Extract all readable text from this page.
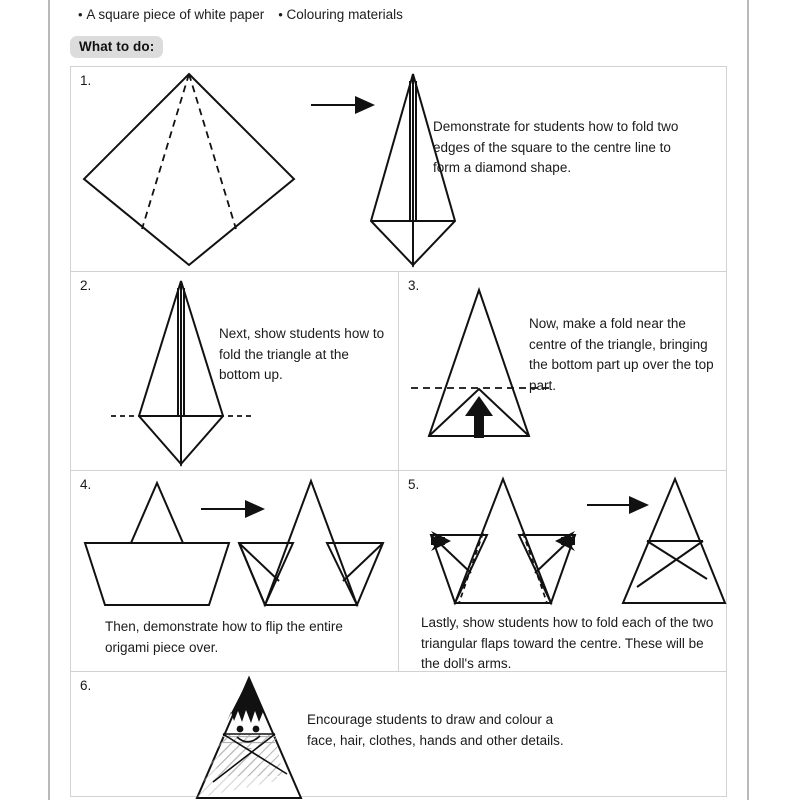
• A square piece of white paper • Colouring materials
What to do:
1.
Demonstrate for students how to fold two edges of the square to the centre line to form a diamond shape.	

2.
Next, show students how to fold the triangle at the bottom up.	3.
Now, make a fold near the centre of the triangle, bringing the bottom part up over the top part.

4.
Then, demonstrate how to flip the entire origami piece over.	5.
Lastly, show students how to fold each of the two triangular flaps toward the centre. These will be the doll's arms.

6.
Encourage students to draw and colour a face, hair, clothes, hands and other details.	
